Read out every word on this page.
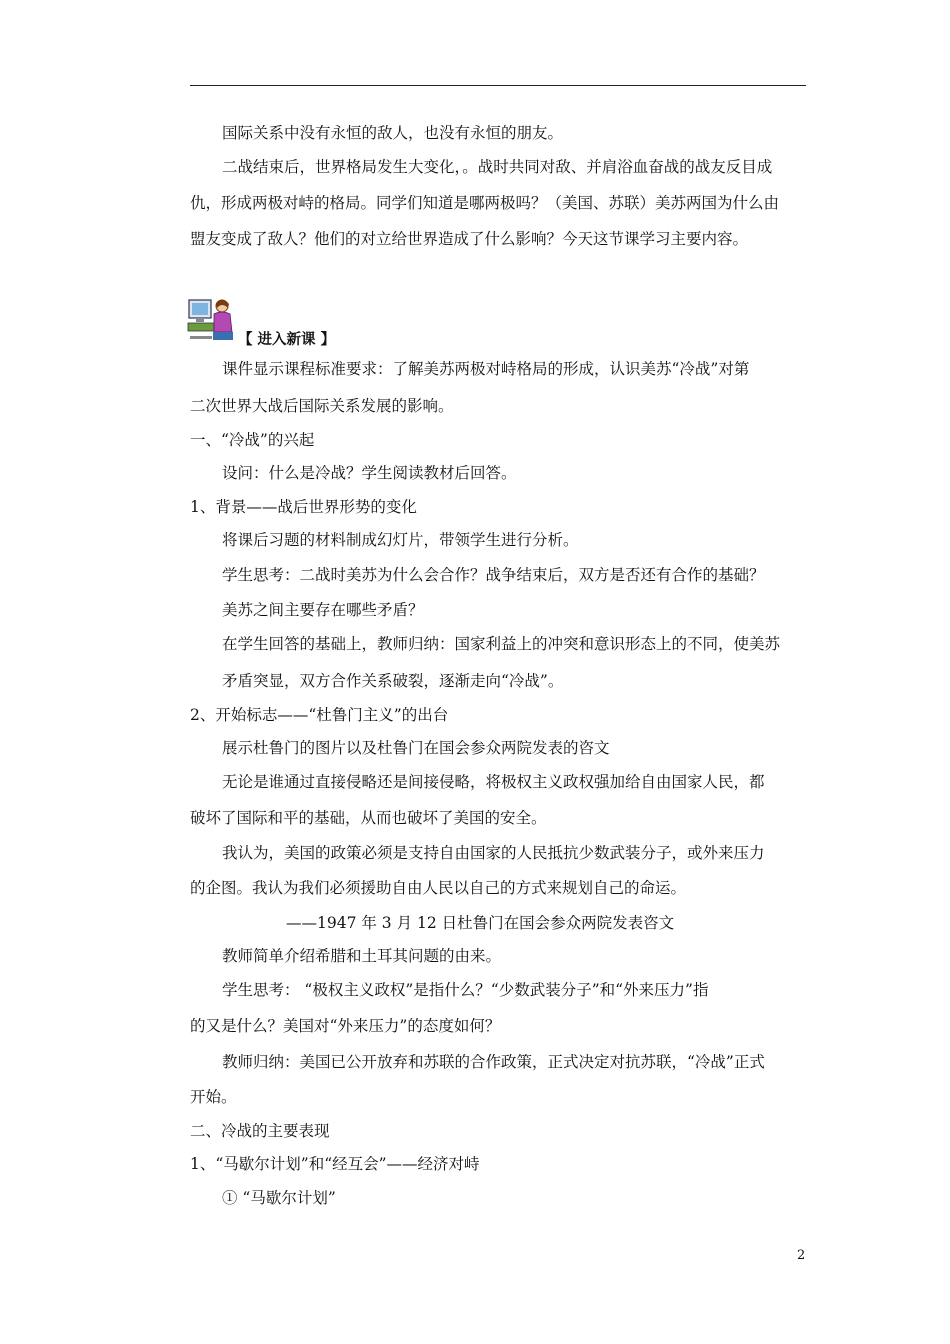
国际关系中没有永恒的敌人，也没有永恒的朋友。
二战结束后，世界格局发生大变化，。战时共同对敌、并肩浴血奋战的战友反目成
仇，形成两极对峙的格局。同学们知道是哪两极吗？（美国、苏联）美苏两国为什么由
盟友变成了敌人？他们的对立给世界造成了什么影响？今天这节课学习主要内容。
【 进入新课 】
课件显示课程标准要求：了解美苏两极对峙格局的形成，认识美苏“冷战”对第
二次世界大战后国际关系发展的影响。
一、“冷战”的兴起
设问：什么是冷战？学生阅读教材后回答。
1、背景——战后世界形势的变化
将课后习题的材料制成幻灯片，带领学生进行分析。
学生思考：二战时美苏为什么会合作？战争结束后，双方是否还有合作的基础？
美苏之间主要存在哪些矛盾？
在学生回答的基础上，教师归纳：国家利益上的冲突和意识形态上的不同，使美苏
矛盾突显，双方合作关系破裂，逐渐走向“冷战”。
2、开始标志——“杜鲁门主义”的出台
展示杜鲁门的图片以及杜鲁门在国会参众两院发表的咨文
无论是谁通过直接侵略还是间接侵略，将极权主义政权强加给自由国家人民，都
破坏了国际和平的基础，从而也破坏了美国的安全。
我认为，美国的政策必须是支持自由国家的人民抵抗少数武装分子，或外来压力
的企图。我认为我们必须援助自由人民以自己的方式来规划自己的命运。
——1947 年 3 月 12 日杜鲁门在国会参众两院发表咨文
教师简单介绍希腊和土耳其问题的由来。
学生思考： “极权主义政权”是指什么？“少数武装分子”和“外来压力”指
的又是什么？美国对“外来压力”的态度如何？
教师归纳：美国已公开放弃和苏联的合作政策，正式决定对抗苏联，“冷战”正式
开始。
二、冷战的主要表现
1、“马歇尔计划”和“经互会”——经济对峙
① “马歇尔计划”
2
